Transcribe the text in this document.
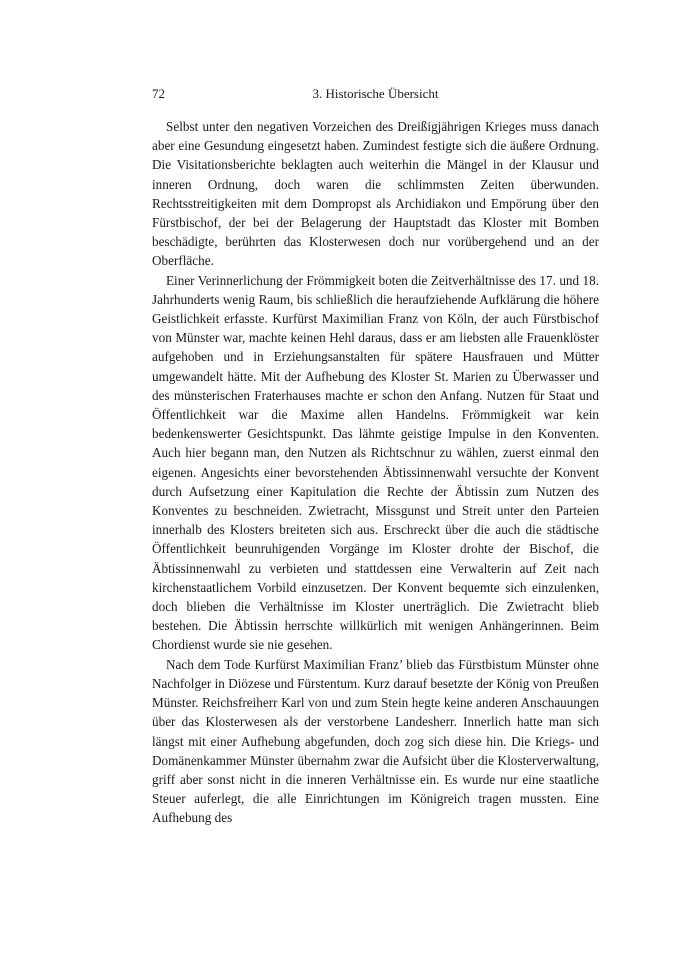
72	3. Historische Übersicht

Selbst unter den negativen Vorzeichen des Dreißigjährigen Krieges muss danach aber eine Gesundung eingesetzt haben. Zumindest festigte sich die äußere Ordnung. Die Visitationsberichte beklagten auch weiterhin die Mängel in der Klausur und inneren Ordnung, doch waren die schlimmsten Zeiten überwunden. Rechtsstreitigkeiten mit dem Dompropst als Archidiakon und Empörung über den Fürstbischof, der bei der Belagerung der Hauptstadt das Kloster mit Bomben beschädigte, berührten das Klosterwesen doch nur vorübergehend und an der Oberfläche.

Einer Verinnerlichung der Frömmigkeit boten die Zeitverhältnisse des 17. und 18. Jahrhunderts wenig Raum, bis schließlich die heraufziehende Aufklärung die höhere Geistlichkeit erfasste. Kurfürst Maximilian Franz von Köln, der auch Fürstbischof von Münster war, machte keinen Hehl daraus, dass er am liebsten alle Frauenklöster aufgehoben und in Erziehungsanstalten für spätere Hausfrauen und Mütter umgewandelt hätte. Mit der Aufhebung des Kloster St. Marien zu Überwasser und des münsterischen Fraterhauses machte er schon den Anfang. Nutzen für Staat und Öffentlichkeit war die Maxime allen Handelns. Frömmigkeit war kein bedenkenswerter Gesichtspunkt. Das lähmte geistige Impulse in den Konventen. Auch hier begann man, den Nutzen als Richtschnur zu wählen, zuerst einmal den eigenen. Angesichts einer bevorstehenden Äbtissinnenwahl versuchte der Konvent durch Aufsetzung einer Kapitulation die Rechte der Äbtissin zum Nutzen des Konventes zu beschneiden. Zwietracht, Missgunst und Streit unter den Parteien innerhalb des Klosters breiteten sich aus. Erschreckt über die auch die städtische Öffentlichkeit beunruhigenden Vorgänge im Kloster drohte der Bischof, die Äbtissinnenwahl zu verbieten und stattdessen eine Verwalterin auf Zeit nach kirchenstaatlichem Vorbild einzusetzen. Der Konvent bequemte sich einzulenken, doch blieben die Verhältnisse im Kloster unerträglich. Die Zwietracht blieb bestehen. Die Äbtissin herrschte willkürlich mit wenigen Anhängerinnen. Beim Chordienst wurde sie nie gesehen.

Nach dem Tode Kurfürst Maximilian Franz’ blieb das Fürstbistum Münster ohne Nachfolger in Diözese und Fürstentum. Kurz darauf besetzte der König von Preußen Münster. Reichsfreiherr Karl von und zum Stein hegte keine anderen Anschauungen über das Klosterwesen als der verstorbene Landesherr. Innerlich hatte man sich längst mit einer Aufhebung abgefunden, doch zog sich diese hin. Die Kriegs- und Domänenkammer Münster übernahm zwar die Aufsicht über die Klosterverwaltung, griff aber sonst nicht in die inneren Verhältnisse ein. Es wurde nur eine staatliche Steuer auferlegt, die alle Einrichtungen im Königreich tragen mussten. Eine Aufhebung des
